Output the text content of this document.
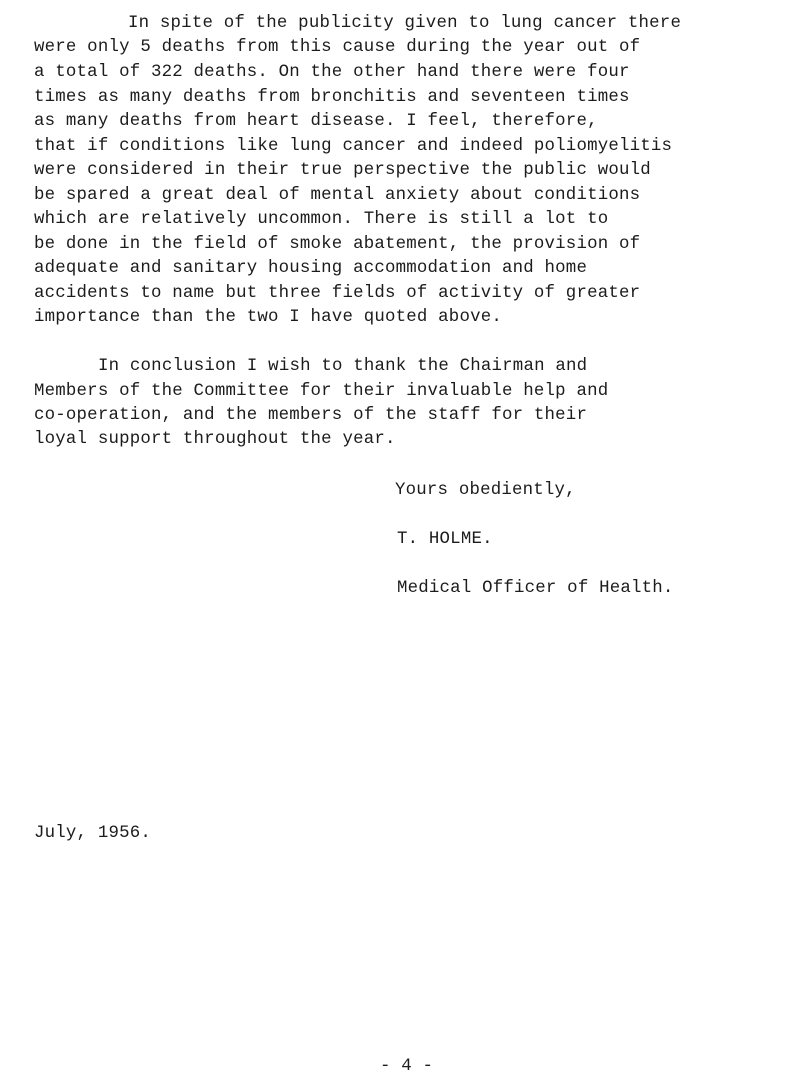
In spite of the publicity given to lung cancer there
were only 5 deaths from this cause during the year out of
a total of 322 deaths. On the other hand there were four
times as many deaths from bronchitis and seventeen times
as many deaths from heart disease. I feel, therefore,
that if conditions like lung cancer and indeed poliomyelitis
were considered in their true perspective the public would
be spared a great deal of mental anxiety about conditions
which are relatively uncommon. There is still a lot to
be done in the field of smoke abatement, the provision of
adequate and sanitary housing accommodation and home
accidents to name but three fields of activity of greater
importance than the two I have quoted above.
In conclusion I wish to thank the Chairman and
Members of the Committee for their invaluable help and
co-operation, and the members of the staff for their
loyal support throughout the year.
Yours obediently,
T. HOLME.
Medical Officer of Health.
July, 1956.
- 4 -
